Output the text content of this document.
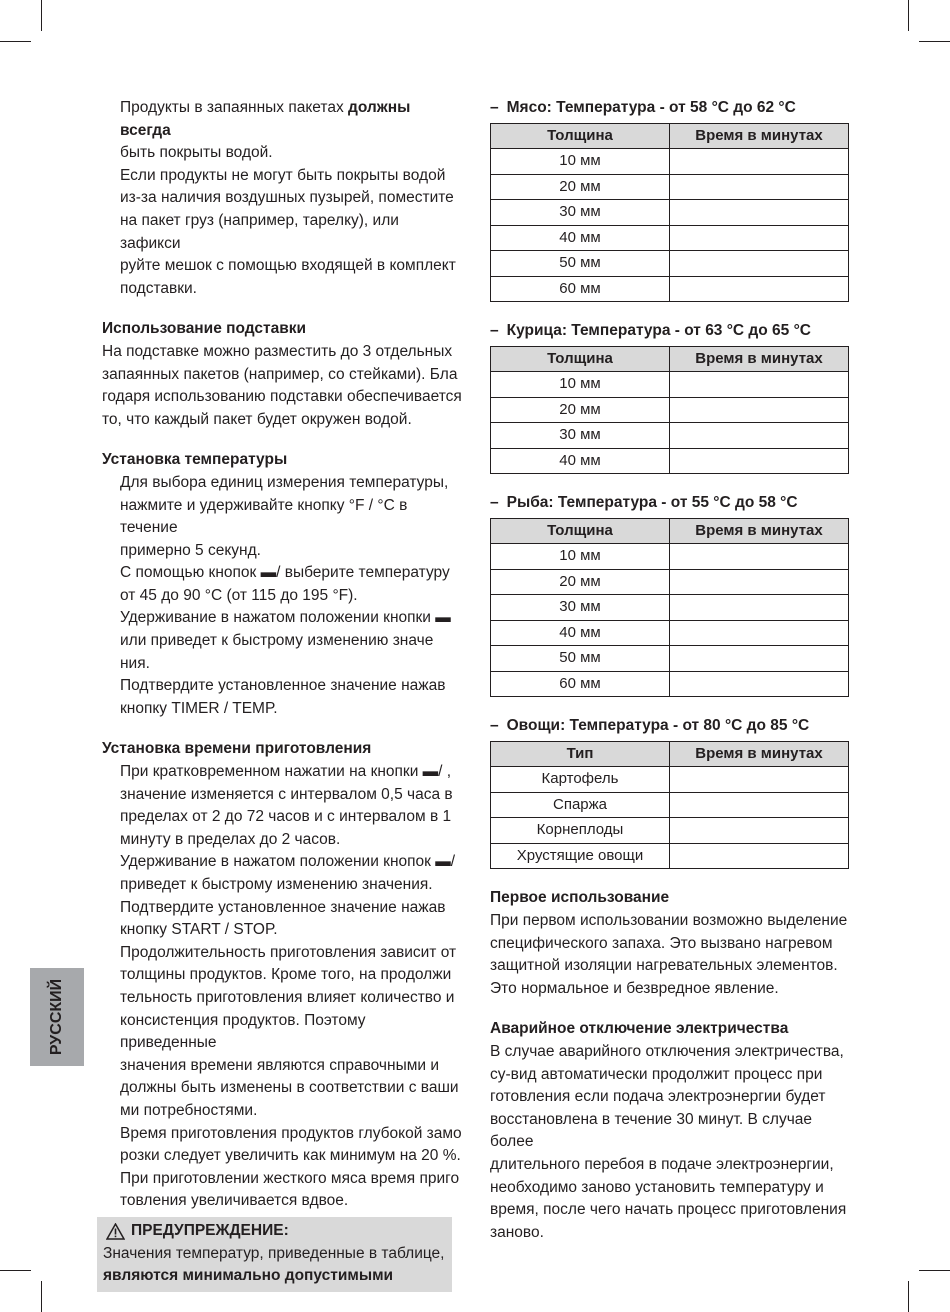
РУССКИЙ

Продукты в запаянных пакетах должны всегда

быть покрыты водой.

Если продукты не могут быть покрыты водой

из-за наличия воздушных пузырей, поместите

на пакет груз (например, тарелку), или зафикси

руйте мешок с помощью входящей в комплект

подставки.

Использование подставки

На подставке можно разместить до 3 отдельных

запаянных пакетов (например, со стейками). Бла

годаря использованию подставки обеспечивается

то, что каждый пакет будет окружен водой.

Установка температуры

Для выбора единиц измерения температуры,

нажмите и удерживайте кнопку °F / °C в течение

примерно 5 секунд.

С помощью кнопок ▬/ выберите температуру

от 45 до 90 °C (от 115 до 195 °F).

Удерживание в нажатом положении кнопки ▬

или приведет к быстрому изменению значе

ния.

Подтвердите установленное значение нажав

кнопку TIMER / TEMP.

Установка времени приготовления

При кратковременном нажатии на кнопки ▬/ ,

значение изменяется с интервалом 0,5 часа в

пределах от 2 до 72 часов и с интервалом в 1

минуту в пределах до 2 часов.

Удерживание в нажатом положении кнопок ▬/

приведет к быстрому изменению значения.

Подтвердите установленное значение нажав

кнопку START / STOP.

Продолжительность приготовления зависит от

толщины продуктов. Кроме того, на продолжи

тельность приготовления влияет количество и

консистенция продуктов. Поэтому приведенные

значения времени являются справочными и

должны быть изменены в соответствии с ваши

ми потребностями.

Время приготовления продуктов глубокой замо

розки следует увеличить как минимум на 20 %.

При приготовлении жесткого мяса время приго

товления увеличивается вдвое.

ПРЕДУПРЕЖДЕНИЕ:

Значения температур, приведенные в таблице,

являются минимально допустимыми

– Мясо: Температура - от 58 °C до 62 °C

Толщина	Время в минутах
10 мм	
20 мм	
30 мм	
40 мм	
50 мм	
60 мм	

– Курица: Температура - от 63 °C до 65 °C

Толщина	Время в минутах
10 мм	
20 мм	
30 мм	
40 мм	

– Рыба: Температура - от 55 °C до 58 °C

Толщина	Время в минутах
10 мм	
20 мм	
30 мм	
40 мм	
50 мм	
60 мм	

– Овощи: Температура - от 80 °C до 85 °C

Тип	Время в минутах
Картофель	
Спаржа	
Корнеплоды	
Хрустящие овощи	

Первое использование

При первом использовании возможно выделение

специфического запаха. Это вызвано нагревом

защитной изоляции нагревательных элементов.

Это нормальное и безвредное явление.

Аварийное отключение электричества

В случае аварийного отключения электричества,

су-вид автоматически продолжит процесс при

готовления если подача электроэнергии будет

восстановлена в течение 30 минут. В случае более

длительного перебоя в подаче электроэнергии,

необходимо заново установить температуру и

время, после чего начать процесс приготовления

заново.
